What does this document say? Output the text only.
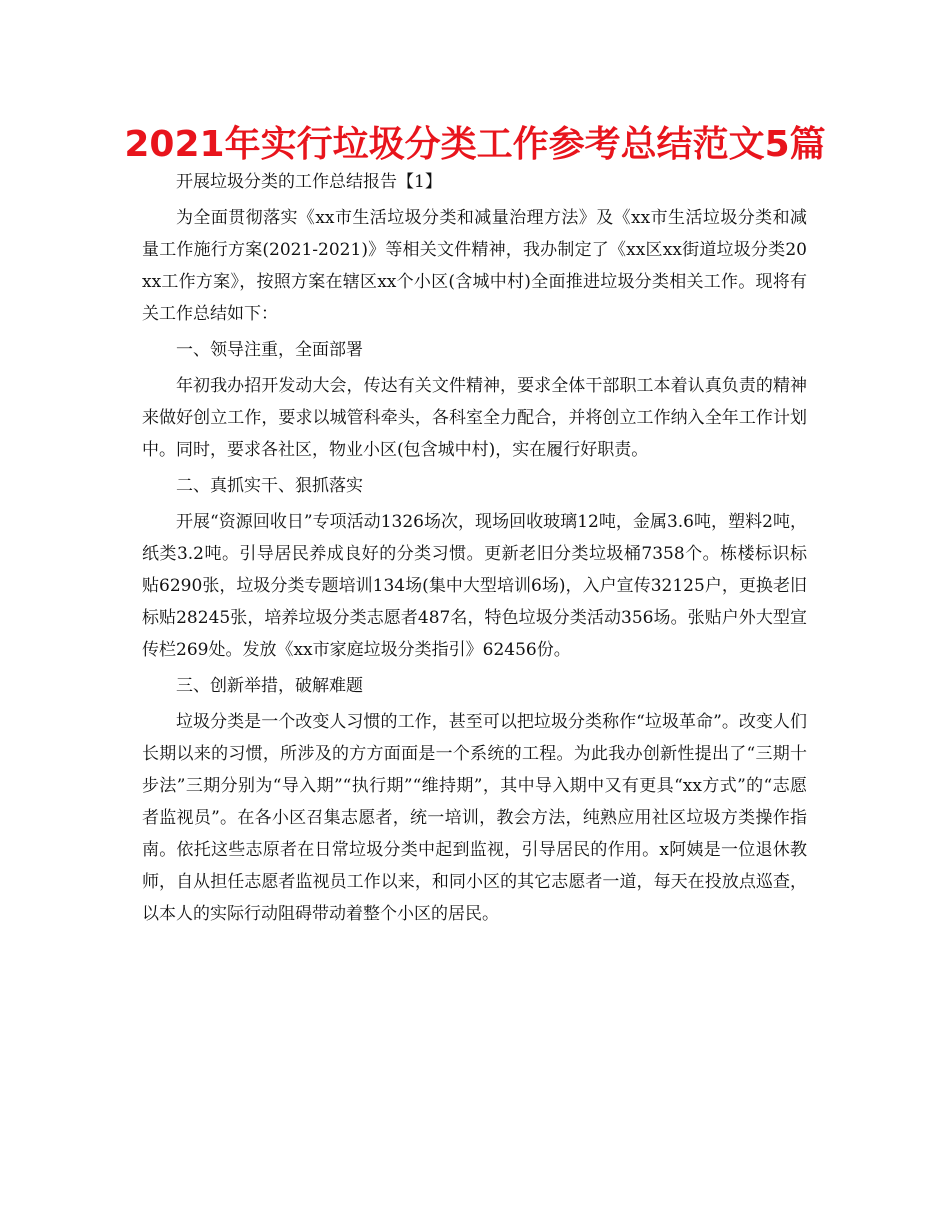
2021年实行垃圾分类工作参考总结范文5篇

开展垃圾分类的工作总结报告【1】

为全面贯彻落实《xx市生活垃圾分类和减量治理方法》及《xx市生活垃圾分类和减量工作施行方案(2021-2021)》等相关文件精神，我办制定了《xx区xx街道垃圾分类20xx工作方案》，按照方案在辖区xx个小区(含城中村)全面推进垃圾分类相关工作。现将有关工作总结如下：

一、领导注重，全面部署

年初我办招开发动大会，传达有关文件精神，要求全体干部职工本着认真负责的精神来做好创立工作，要求以城管科牵头，各科室全力配合，并将创立工作纳入全年工作计划中。同时，要求各社区，物业小区(包含城中村)，实在履行好职责。

二、真抓实干、狠抓落实

开展“资源回收日”专项活动1326场次，现场回收玻璃12吨，金属3.6吨，塑料2吨，纸类3.2吨。引导居民养成良好的分类习惯。更新老旧分类垃圾桶7358个。栋楼标识标贴6290张，垃圾分类专题培训134场(集中大型培训6场)，入户宣传32125户，更换老旧标贴28245张，培养垃圾分类志愿者487名，特色垃圾分类活动356场。张贴户外大型宣传栏269处。发放《xx市家庭垃圾分类指引》62456份。

三、创新举措，破解难题

垃圾分类是一个改变人习惯的工作，甚至可以把垃圾分类称作“垃圾革命”。改变人们长期以来的习惯，所涉及的方方面面是一个系统的工程。为此我办创新性提出了“三期十步法”三期分别为“导入期”“执行期”“维持期”，其中导入期中又有更具“xx方式”的“志愿者监视员”。在各小区召集志愿者，统一培训，教会方法，纯熟应用社区垃圾方类操作指南。依托这些志原者在日常垃圾分类中起到监视，引导居民的作用。x阿姨是一位退休教师，自从担任志愿者监视员工作以来，和同小区的其它志愿者一道，每天在投放点巡查，以本人的实际行动阻碍带动着整个小区的居民。
